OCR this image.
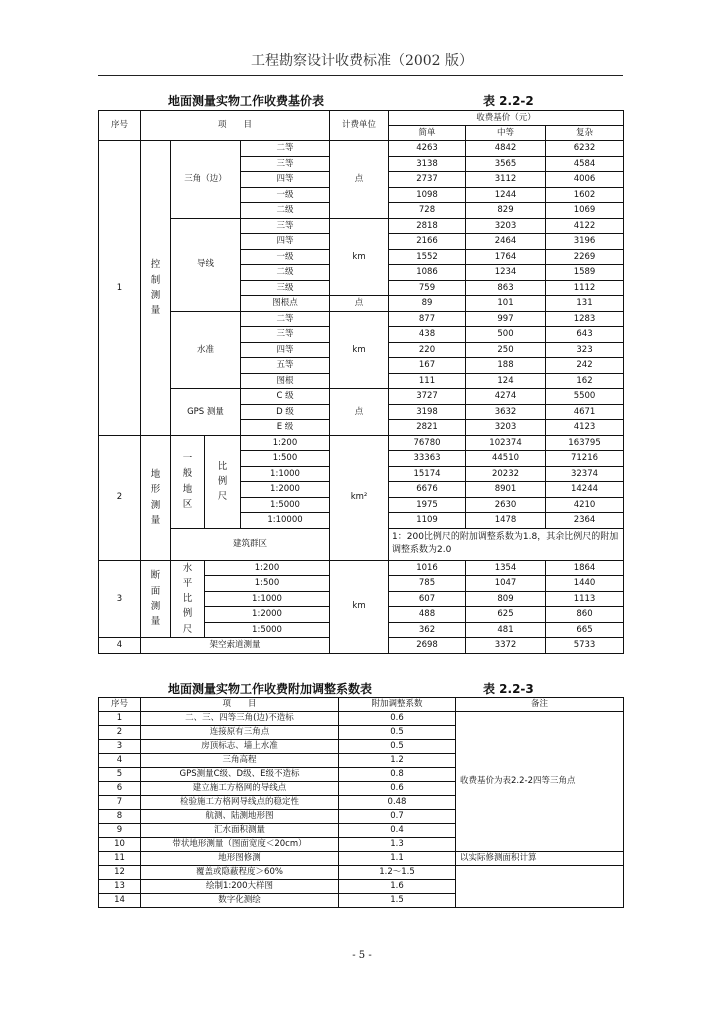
工程勘察设计收费标准（2002 版）
地面测量实物工作收费基价表	表 2.2-2
序号	项　　目				计费单位	收费基价（元）		
						简单	中等	复杂
1	控制测量	三角（边）		二等	点	4263	4842	6232
				三等		3138	3565	4584
				四等		2737	3112	4006
				一级		1098	1244	1602
				二级		728	829	1069
		导线		三等	km	2818	3203	4122
				四等		2166	2464	3196
				一级		1552	1764	2269
				二级		1086	1234	1589
				三级		759	863	1112
				图根点	点	89	101	131
		水准		二等	km	877	997	1283
				三等		438	500	643
				四等		220	250	323
				五等		167	188	242
				图根		111	124	162
		GPS 测量		C 级	点	3727	4274	5500
				D 级		3198	3632	4671
				E 级		2821	3203	4123
2	地形测量	一般地区	比例尺	1:200	km²	76780	102374	163795
				1:500		33363	44510	71216
				1:1000		15174	20232	32374
				1:2000		6676	8901	14244
				1:5000		1975	2630	4210
				1:10000		1109	1478	2364
		建筑群区				1：200比例尺的附加调整系数为1.8，其余比例尺的附加调整系数为2.0		
3	断面测量	水平比例尺	1:200		km	1016	1354	1864
			1:500			785	1047	1440
			1:1000			607	809	1113
			1:2000			488	625	860
			1:5000			362	481	665
4	架空索道测量					2698	3372	5733
地面测量实物工作收费附加调整系数表	表 2.2-3
序号	项　　目	附加调整系数	备注
1	二、三、四等三角(边)不造标	0.6	收费基价为表2.2-2四等三角点
2	连接原有三角点	0.5	
3	房顶标志、墙上水准	0.5	
4	三角高程	1.2	
5	GPS测量C级、D级、E级不造标	0.8	
6	建立施工方格网的导线点	0.6	
7	检验施工方格网导线点的稳定性	0.48	
8	航测、陆测地形图	0.7	
9	汇水面积测量	0.4	
10	带状地形测量（图面宽度＜20cm）	1.3	
11	地形图修测	1.1	以实际修测面积计算
12	覆盖或隐蔽程度＞60%	1.2～1.5	
13	绘制1:200大样图	1.6	
14	数字化测绘	1.5	
- 5 -
